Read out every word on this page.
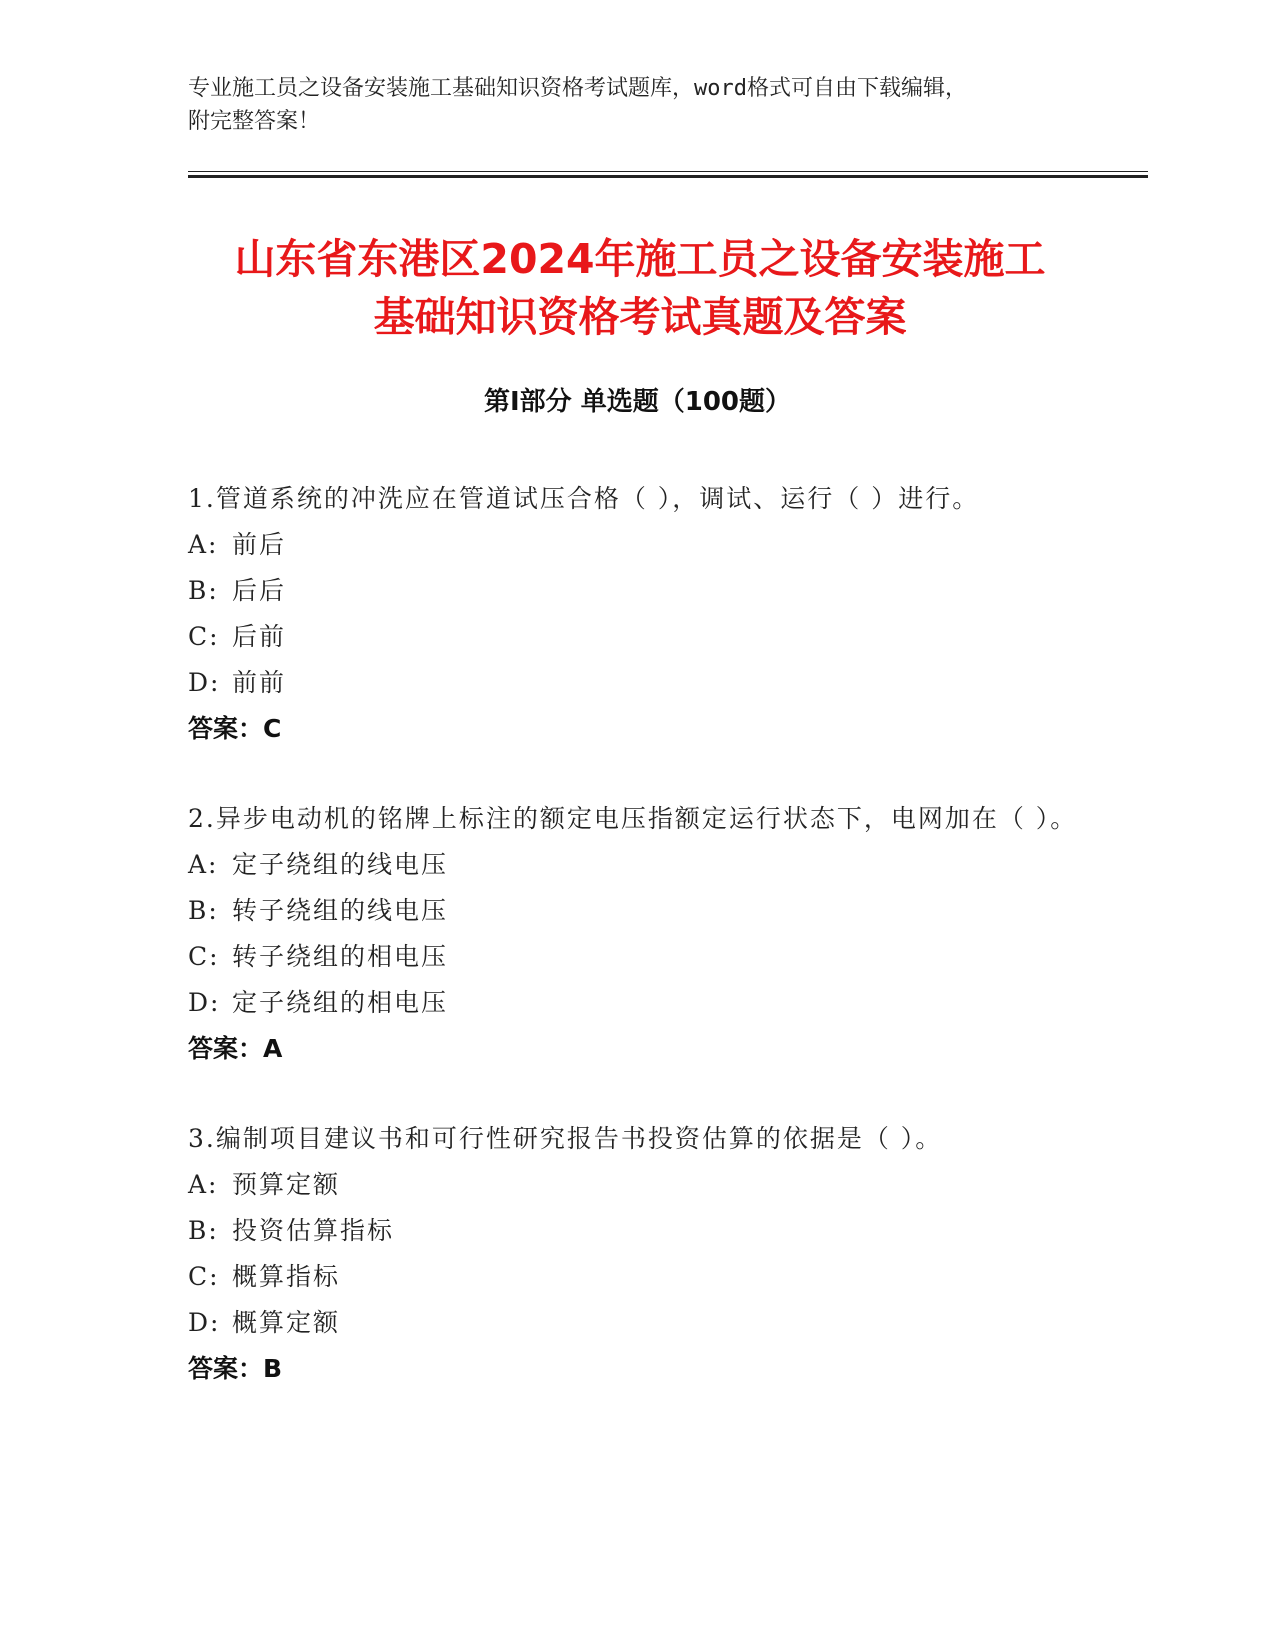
专业施工员之设备安装施工基础知识资格考试题库，word格式可自由下载编辑，
附完整答案！
山东省东港区2024年施工员之设备安装施工
基础知识资格考试真题及答案
第Ⅰ部分 单选题（100题）
1.管道系统的冲洗应在管道试压合格（ ），调试、运行（ ）进行。
A: 前后
B: 后后
C: 后前
D: 前前
答案：C
2.异步电动机的铭牌上标注的额定电压指额定运行状态下，电网加在（ ）。
A: 定子绕组的线电压
B: 转子绕组的线电压
C: 转子绕组的相电压
D: 定子绕组的相电压
答案：A
3.编制项目建议书和可行性研究报告书投资估算的依据是（ ）。
A: 预算定额
B: 投资估算指标
C: 概算指标
D: 概算定额
答案：B
